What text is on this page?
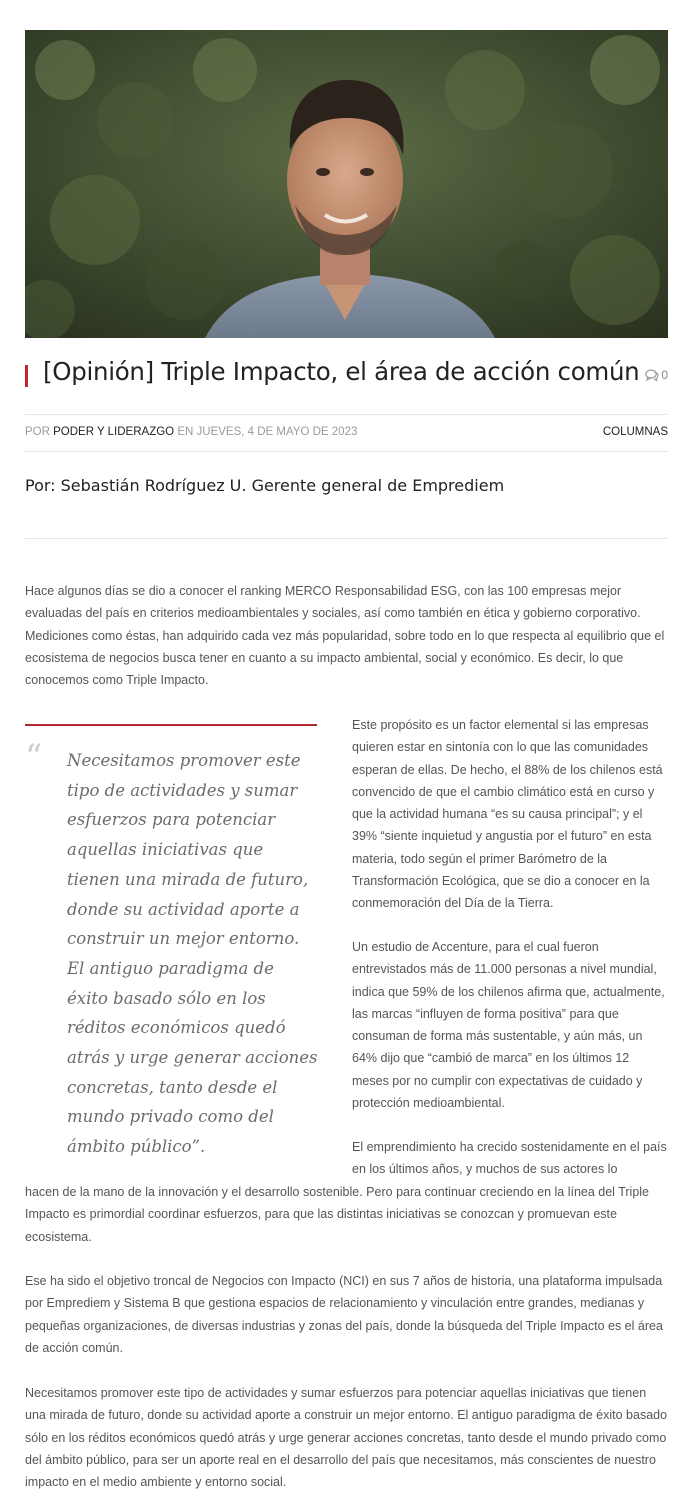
[Opinión] Triple Impacto, el área de acción común 0
POR PODER Y LIDERAZGO EN JUEVES, 4 DE MAYO DE 2023	COLUMNAS
Por: Sebastián Rodríguez U. Gerente general de Emprediem

Hace algunos días se dio a conocer el ranking MERCO Responsabilidad ESG, con las 100 empresas mejor evaluadas del país en criterios medioambientales y sociales, así como también en ética y gobierno corporativo. Mediciones como éstas, han adquirido cada vez más popularidad, sobre todo en lo que respecta al equilibrio que el ecosistema de negocios busca tener en cuanto a su impacto ambiental, social y económico. Es decir, lo que conocemos como Triple Impacto.

“ Necesitamos promover este tipo de actividades y sumar esfuerzos para potenciar aquellas iniciativas que tienen una mirada de futuro, donde su actividad aporte a construir un mejor entorno. El antiguo paradigma de éxito basado sólo en los réditos económicos quedó atrás y urge generar acciones concretas, tanto desde el mundo privado como del ámbito público”.

Este propósito es un factor elemental si las empresas quieren estar en sintonía con lo que las comunidades esperan de ellas. De hecho, el 88% de los chilenos está convencido de que el cambio climático está en curso y que la actividad humana “es su causa principal”; y el 39% “siente inquietud y angustia por el futuro” en esta materia, todo según el primer Barómetro de la Transformación Ecológica, que se dio a conocer en la conmemoración del Día de la Tierra.

Un estudio de Accenture, para el cual fueron entrevistados más de 11.000 personas a nivel mundial, indica que 59% de los chilenos afirma que, actualmente, las marcas “influyen de forma positiva” para que consuman de forma más sustentable, y aún más, un 64% dijo que “cambió de marca” en los últimos 12 meses por no cumplir con expectativas de cuidado y protección medioambiental.

El emprendimiento ha crecido sostenidamente en el país en los últimos años, y muchos de sus actores lo

hacen de la mano de la innovación y el desarrollo sostenible. Pero para continuar creciendo en la línea del Triple Impacto es primordial coordinar esfuerzos, para que las distintas iniciativas se conozcan y promuevan este ecosistema.

Ese ha sido el objetivo troncal de Negocios con Impacto (NCI) en sus 7 años de historia, una plataforma impulsada por Emprediem y Sistema B que gestiona espacios de relacionamiento y vinculación entre grandes, medianas y pequeñas organizaciones, de diversas industrias y zonas del país, donde la búsqueda del Triple Impacto es el área de acción común.

Necesitamos promover este tipo de actividades y sumar esfuerzos para potenciar aquellas iniciativas que tienen una mirada de futuro, donde su actividad aporte a construir un mejor entorno. El antiguo paradigma de éxito basado sólo en los réditos económicos quedó atrás y urge generar acciones concretas, tanto desde el mundo privado como del ámbito público, para ser un aporte real en el desarrollo del país que necesitamos, más conscientes de nuestro impacto en el medio ambiente y entorno social.
